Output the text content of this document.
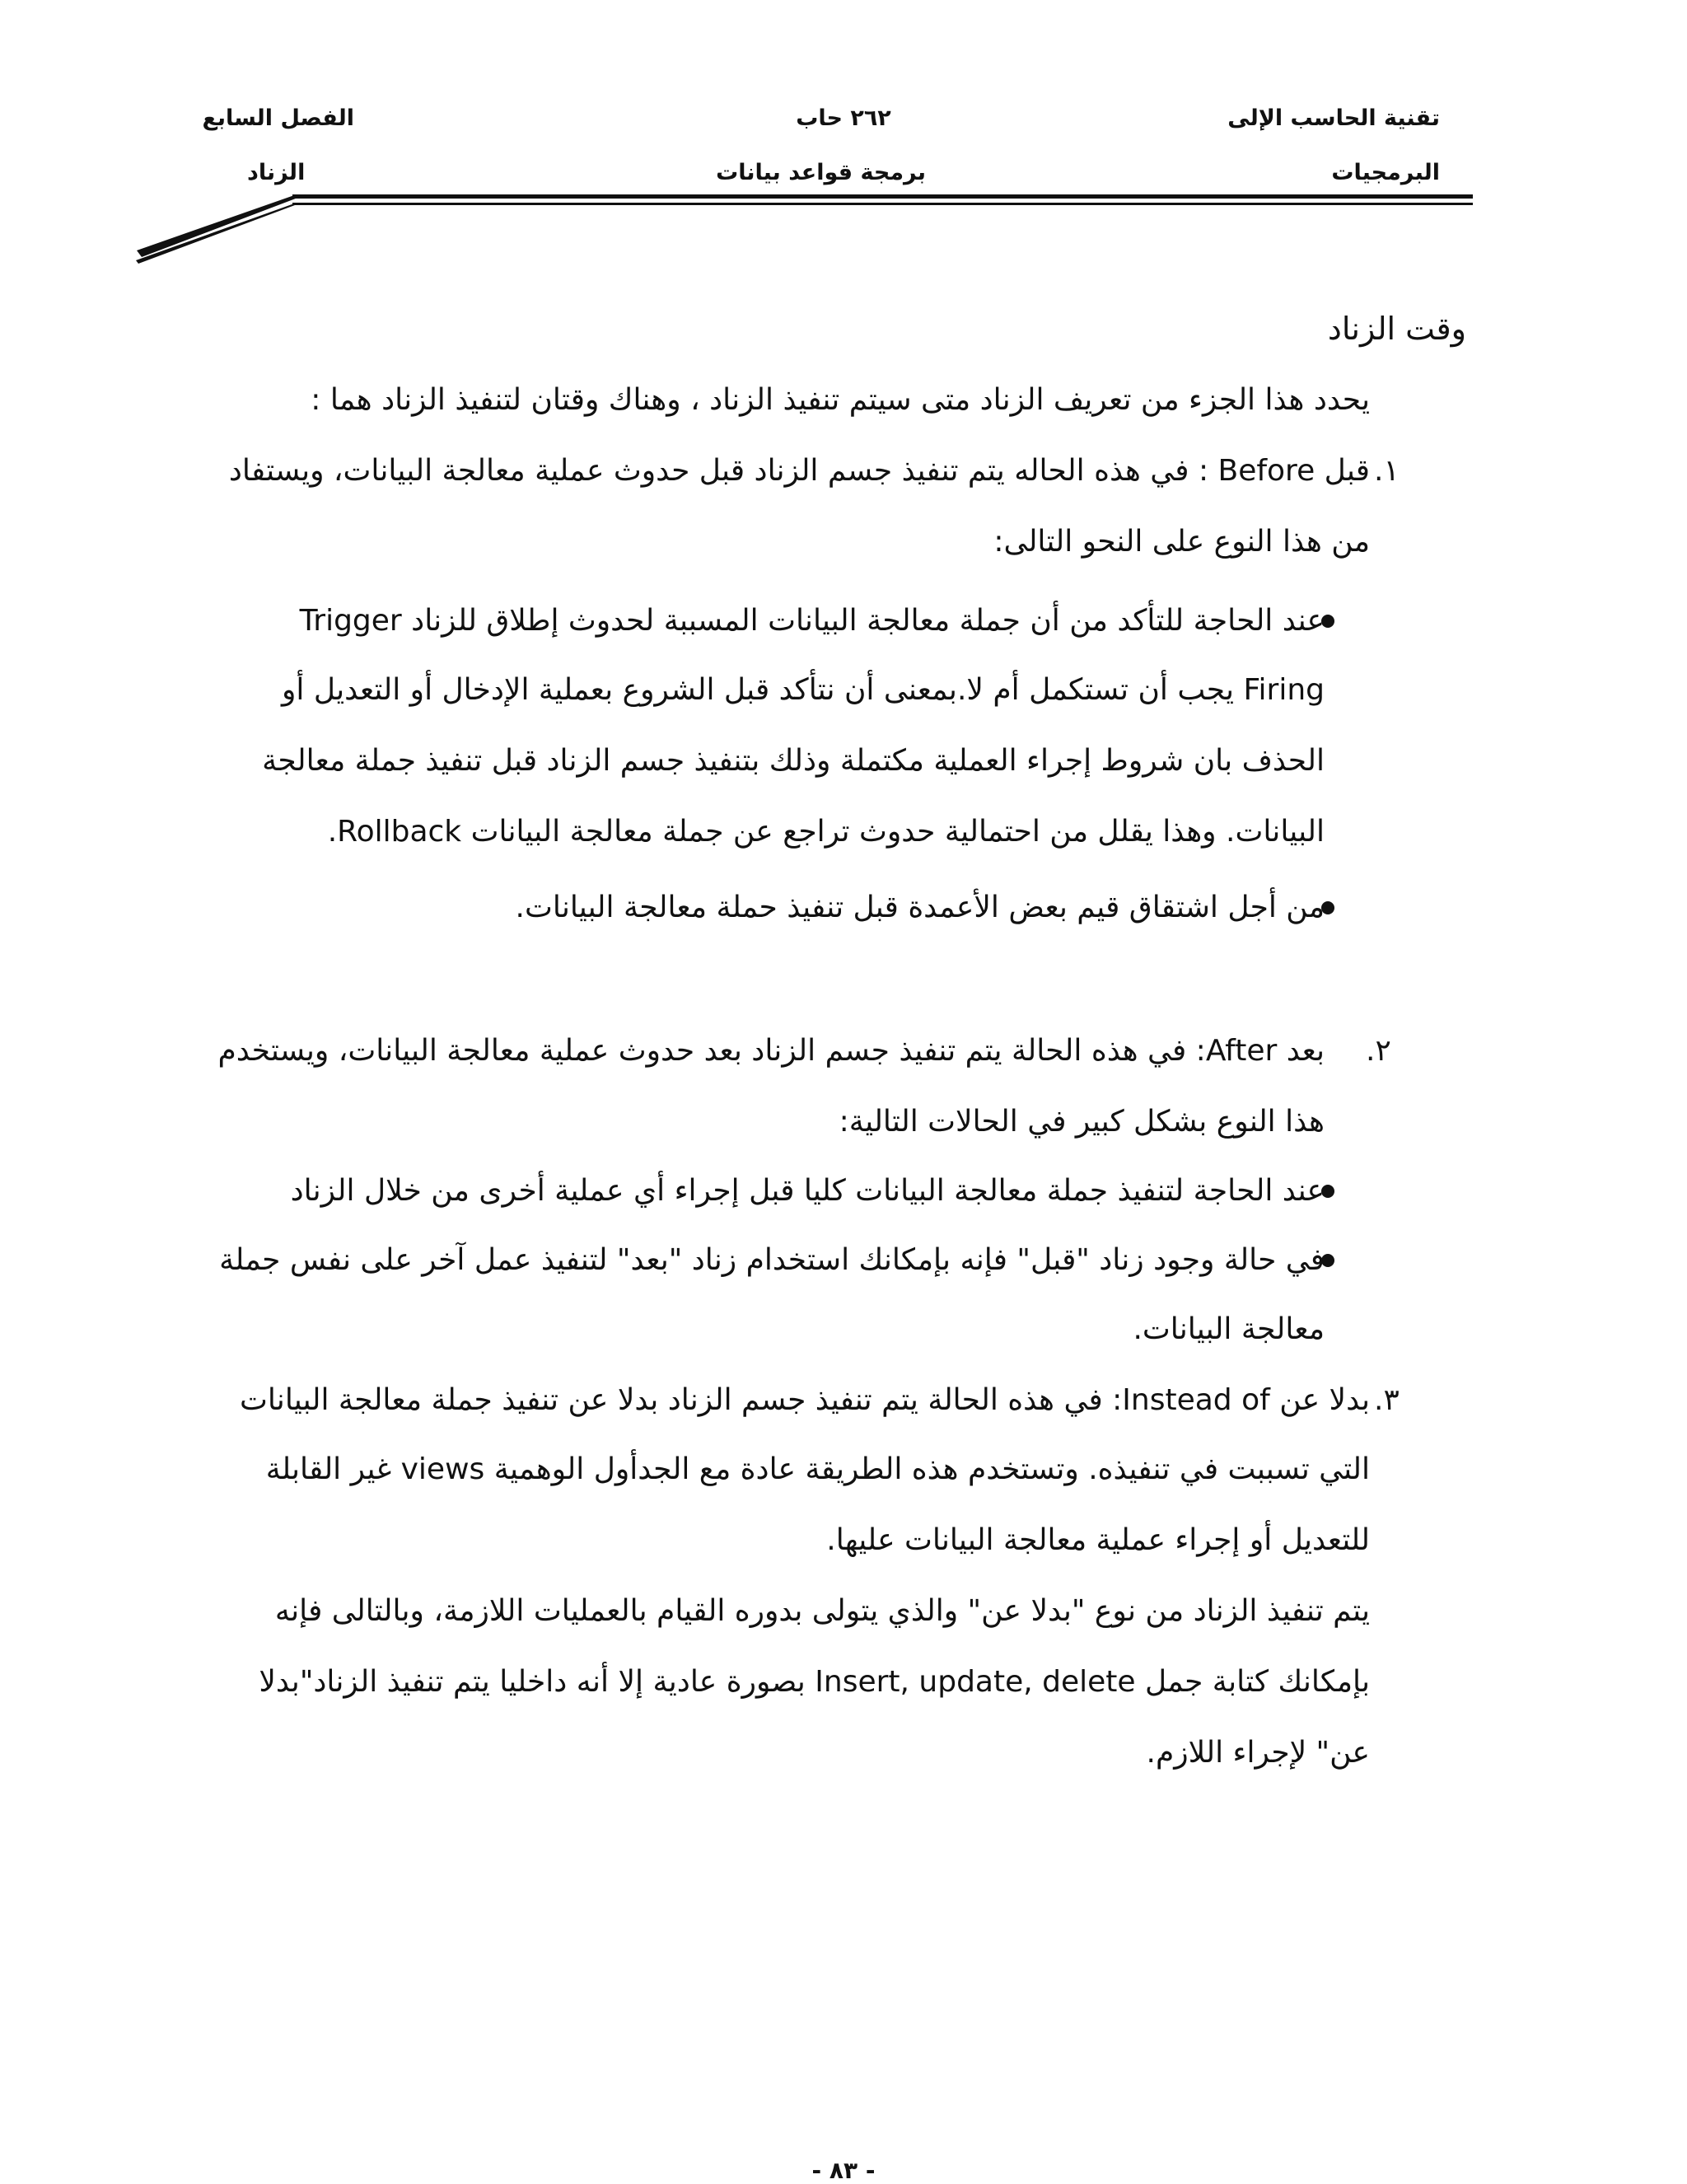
تقنية الحاسب الإلى
البرمجيات
٢٦٢ حاب
برمجة قواعد بيانات
الفصل السابع
الزناد
وقت الزناد
يحدد هذا الجزء من تعريف الزناد متى سيتم تنفيذ الزناد ، وهناك وقتان لتنفيذ الزناد هما :
.١
قبل Before : في هذه الحاله يتم تنفيذ جسم الزناد قبل حدوث عملية معالجة البيانات، ويستفاد
من هذا النوع على النحو التالى:
عند الحاجة للتأكد من أن جملة معالجة البيانات المسببة لحدوث إطلاق للزناد Trigger
Firing يجب أن تستكمل أم لا.بمعنى أن نتأكد قبل الشروع بعملية الإدخال أو التعديل أو
الحذف بان شروط إجراء العملية مكتملة وذلك بتنفيذ جسم الزناد قبل تنفيذ جملة معالجة
البيانات. وهذا يقلل من احتمالية حدوث تراجع عن جملة معالجة البيانات Rollback.
من أجل اشتقاق قيم بعض الأعمدة قبل تنفيذ حملة معالجة البيانات.
.٢
بعد After: في هذه الحالة يتم تنفيذ جسم الزناد بعد حدوث عملية معالجة البيانات، ويستخدم
هذا النوع بشكل كبير في الحالات التالية:
عند الحاجة لتنفيذ جملة معالجة البيانات كليا قبل إجراء أي عملية أخرى من خلال الزناد
في حالة وجود زناد "قبل" فإنه بإمكانك استخدام زناد "بعد" لتنفيذ عمل آخر على نفس جملة
معالجة البيانات.
.٣
بدلا عن Instead of: في هذه الحالة يتم تنفيذ جسم الزناد بدلا عن تنفيذ جملة معالجة البيانات
التي تسببت في تنفيذه. وتستخدم هذه الطريقة عادة مع الجدأول الوهمية views غير القابلة
للتعديل أو إجراء عملية معالجة البيانات عليها.
يتم تنفيذ الزناد من نوع "بدلا عن" والذي يتولى بدوره القيام بالعمليات اللازمة، وبالتالى فإنه
بإمكانك كتابة جمل Insert, update, delete بصورة عادية إلا أنه داخليا يتم تنفيذ الزناد"بدلا
عن" لإجراء اللازم.
- ٨٣ -
